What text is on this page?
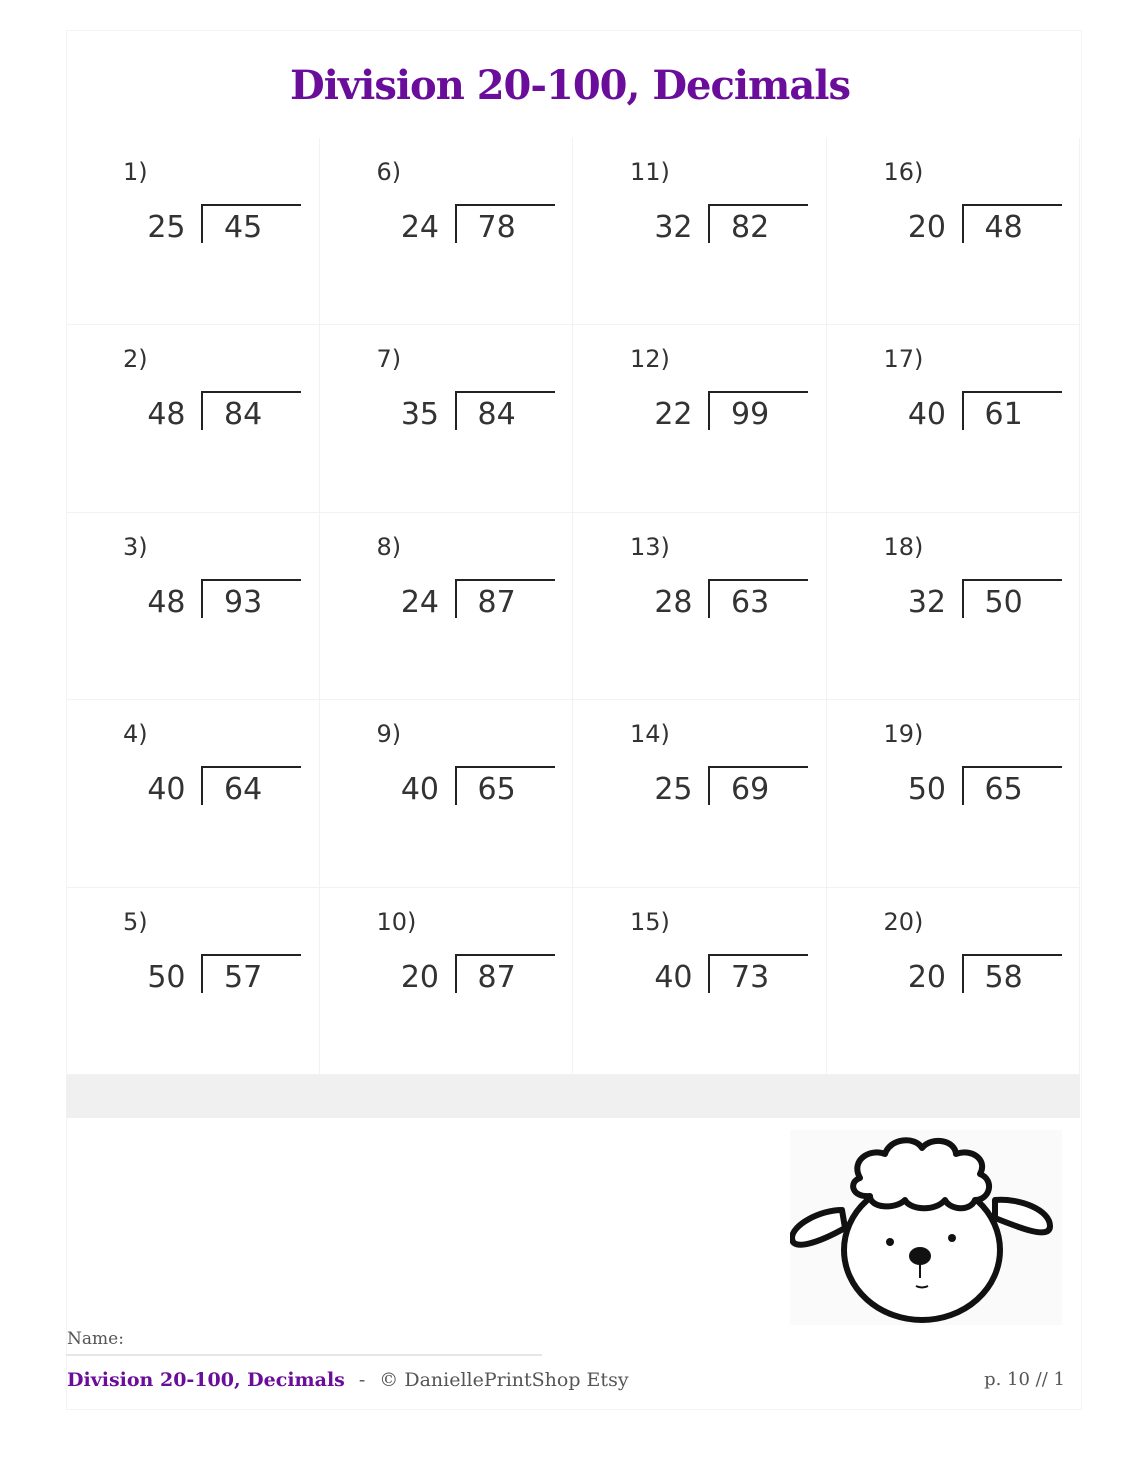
Division 20-100, Decimals
1)
25 45
2)
48 84
3)
48 93
4)
40 64
5)
50 57
6)
24 78
7)
35 84
8)
24 87
9)
40 65
10)
20 87
11)
32 82
12)
22 99
13)
28 63
14)
25 69
15)
40 73
16)
20 48
17)
40 61
18)
32 50
19)
50 65
20)
20 58
Name:
Division 20-100, Decimals - © DaniellePrintShop Etsy	p. 10 // 1
